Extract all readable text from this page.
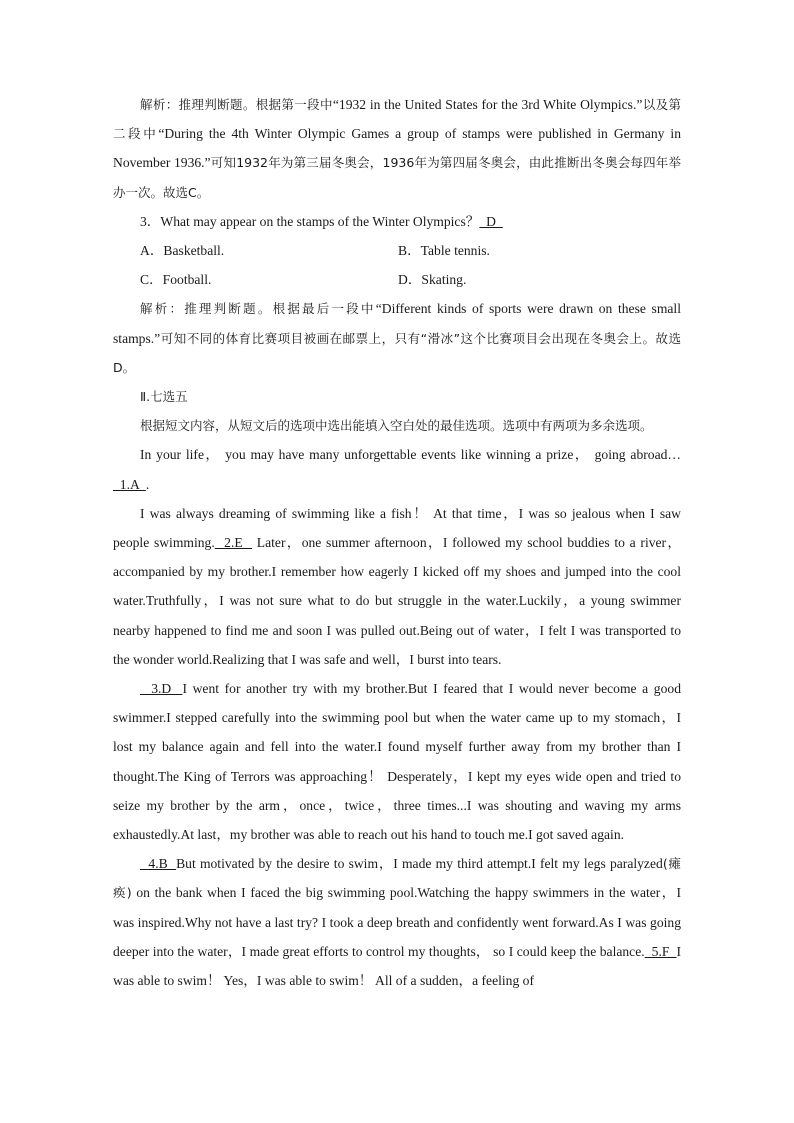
解析：推理判断题。根据第一段中“1932 in the United States for the 3rd White Olympics.”以及第二段中“During the 4th Winter Olympic Games a group of stamps were published in Germany in November 1936.”可知1932年为第三届冬奥会，1936年为第四届冬奥会，由此推断出冬奥会每四年举办一次。故选C。

3．What may appear on the stamps of the Winter Olympics？  D

A．Basketball.	B．Table tennis.
C．Football.	D．Skating.

解析：推理判断题。根据最后一段中“Different kinds of sports were drawn on these small stamps.”可知不同的体育比赛项目被画在邮票上，只有“滑冰”这个比赛项目会出现在冬奥会上。故选D。

Ⅱ.七选五

根据短文内容，从短文后的选项中选出能填入空白处的最佳选项。选项中有两项为多余选项。

In your life， you may have many unforgettable events like winning a prize， going abroad…  1.A  .

I was always dreaming of swimming like a fish！ At that time，I was so jealous when I saw people swimming.  2.E   Later，one summer afternoon，I followed my school buddies to a river，accompanied by my brother.I remember how eagerly I kicked off my shoes and jumped into the cool water.Truthfully，I was not sure what to do but struggle in the water.Luckily，a young swimmer nearby happened to find me and soon I was pulled out.Being out of water，I felt I was transported to the wonder world.Realizing that I was safe and well，I burst into tears.

3.D  I went for another try with my brother.But I feared that I would never become a good swimmer.I stepped carefully into the swimming pool but when the water came up to my stomach，I lost my balance again and fell into the water.I found myself further away from my brother than I thought.The King of Terrors was approaching！ Desperately，I kept my eyes wide open and tried to seize my brother by the arm，once，twice，three times...I was shouting and waving my arms exhaustedly.At last，my brother was able to reach out his hand to touch me.I got saved again.

4.B  But motivated by the desire to swim，I made my third attempt.I felt my legs paralyzed(瘫痪) on the bank when I faced the big swimming pool.Watching the happy swimmers in the water，I was inspired.Why not have a last try? I took a deep breath and confidently went forward.As I was going deeper into the water，I made great efforts to control my thoughts， so I could keep the balance.  5.F  I was able to swim！ Yes，I was able to swim！ All of a sudden，a feeling of
